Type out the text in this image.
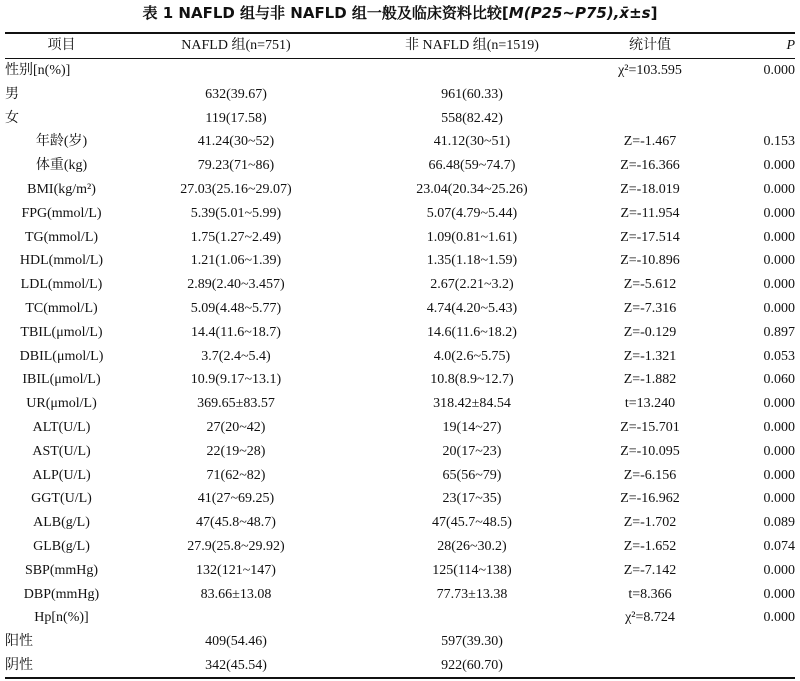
表 1 NAFLD 组与非 NAFLD 组一般及临床资料比较[M(P25~P75),x̄±s]
项目	NAFLD 组(n=751)	非 NAFLD 组(n=1519)	统计值	P
性别[n(%)]			χ²=103.595	0.000
男	632(39.67)	961(60.33)		
女	119(17.58)	558(82.42)		
年龄(岁)	41.24(30~52)	41.12(30~51)	Z=-1.467	0.153
体重(kg)	79.23(71~86)	66.48(59~74.7)	Z=-16.366	0.000
BMI(kg/m²)	27.03(25.16~29.07)	23.04(20.34~25.26)	Z=-18.019	0.000
FPG(mmol/L)	5.39(5.01~5.99)	5.07(4.79~5.44)	Z=-11.954	0.000
TG(mmol/L)	1.75(1.27~2.49)	1.09(0.81~1.61)	Z=-17.514	0.000
HDL(mmol/L)	1.21(1.06~1.39)	1.35(1.18~1.59)	Z=-10.896	0.000
LDL(mmol/L)	2.89(2.40~3.457)	2.67(2.21~3.2)	Z=-5.612	0.000
TC(mmol/L)	5.09(4.48~5.77)	4.74(4.20~5.43)	Z=-7.316	0.000
TBIL(μmol/L)	14.4(11.6~18.7)	14.6(11.6~18.2)	Z=-0.129	0.897
DBIL(μmol/L)	3.7(2.4~5.4)	4.0(2.6~5.75)	Z=-1.321	0.053
IBIL(μmol/L)	10.9(9.17~13.1)	10.8(8.9~12.7)	Z=-1.882	0.060
UR(μmol/L)	369.65±83.57	318.42±84.54	t=13.240	0.000
ALT(U/L)	27(20~42)	19(14~27)	Z=-15.701	0.000
AST(U/L)	22(19~28)	20(17~23)	Z=-10.095	0.000
ALP(U/L)	71(62~82)	65(56~79)	Z=-6.156	0.000
GGT(U/L)	41(27~69.25)	23(17~35)	Z=-16.962	0.000
ALB(g/L)	47(45.8~48.7)	47(45.7~48.5)	Z=-1.702	0.089
GLB(g/L)	27.9(25.8~29.92)	28(26~30.2)	Z=-1.652	0.074
SBP(mmHg)	132(121~147)	125(114~138)	Z=-7.142	0.000
DBP(mmHg)	83.66±13.08	77.73±13.38	t=8.366	0.000
Hp[n(%)]			χ²=8.724	0.000
阳性	409(54.46)	597(39.30)		
阴性	342(45.54)	922(60.70)		
